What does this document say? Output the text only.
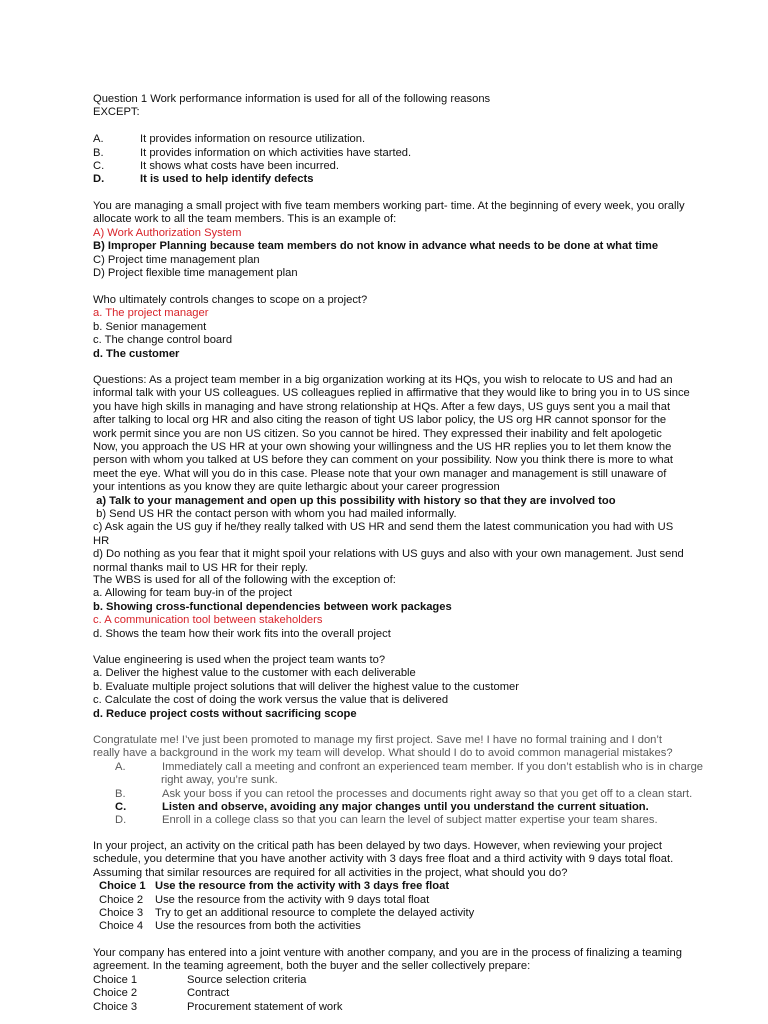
Question 1 Work performance information is used for all of the following reasons
EXCEPT:

A.	It provides information on resource utilization.
B.	It provides information on which activities have started.
C.	It shows what costs have been incurred.
D.	It is used to help identify defects
You are managing a small project with five team members working part- time. At the beginning of every week, you orally
allocate work to all the team members. This is an example of:
A) Work Authorization System
B) Improper Planning because team members do not know in advance what needs to be done at what time
C) Project time management plan
D) Project flexible time management plan
Who ultimately controls changes to scope on a project?
a. The project manager
b. Senior management
c. The change control board
d. The customer
Questions: As a project team member in a big organization working at its HQs, you wish to relocate to US and had an
informal talk with your US colleagues. US colleagues replied in affirmative that they would like to bring you in to US since
you have high skills in managing and have strong relationship at HQs. After a few days, US guys sent you a mail that
after talking to local org HR and also citing the reason of tight US labor policy, the US org HR cannot sponsor for the
work permit since you are non US citizen. So you cannot be hired. They expressed their inability and felt apologetic
Now, you approach the US HR at your own showing your willingness and the US HR replies you to let them know the
person with whom you talked at US before they can comment on your possibility. Now you think there is more to what
meet the eye. What will you do in this case. Please note that your own manager and management is still unaware of
your intentions as you know they are quite lethargic about your career progression
a) Talk to your management and open up this possibility with history so that they are involved too
b) Send US HR the contact person with whom you had mailed informally.
c) Ask again the US guy if he/they really talked with US HR and send them the latest communication you had with US
HR
d) Do nothing as you fear that it might spoil your relations with US guys and also with your own management. Just send
normal thanks mail to US HR for their reply.
The WBS is used for all of the following with the exception of:
a. Allowing for team buy-in of the project
b. Showing cross-functional dependencies between work packages
c. A communication tool between stakeholders
d. Shows the team how their work fits into the overall project
Value engineering is used when the project team wants to?
a. Deliver the highest value to the customer with each deliverable
b. Evaluate multiple project solutions that will deliver the highest value to the customer
c. Calculate the cost of doing the work versus the value that is delivered
d. Reduce project costs without sacrificing scope
Congratulate me! I’ve just been promoted to manage my first project. Save me! I have no formal training and I don’t
really have a background in the work my team will develop. What should I do to avoid common managerial mistakes?
A.	Immediately call a meeting and confront an experienced team member. If you don’t establish who is in charge
right away, you’re sunk.
B.	Ask your boss if you can retool the processes and documents right away so that you get off to a clean start.
C.	Listen and observe, avoiding any major changes until you understand the current situation.
D.	Enroll in a college class so that you can learn the level of subject matter expertise your team shares.
In your project, an activity on the critical path has been delayed by two days. However, when reviewing your project
schedule, you determine that you have another activity with 3 days free float and a third activity with 9 days total float.
Assuming that similar resources are required for all activities in the project, what should you do?
Choice 1 Use the resource from the activity with 3 days free float
Choice 2	Use the resource from the activity with 9 days total float
Choice 3	Try to get an additional resource to complete the delayed activity
Choice 4	Use the resources from both the activities
Your company has entered into a joint venture with another company, and you are in the process of finalizing a teaming
agreement. In the teaming agreement, both the buyer and the seller collectively prepare:
Choice 1	Source selection criteria
Choice 2	Contract
Choice 3	Procurement statement of work
